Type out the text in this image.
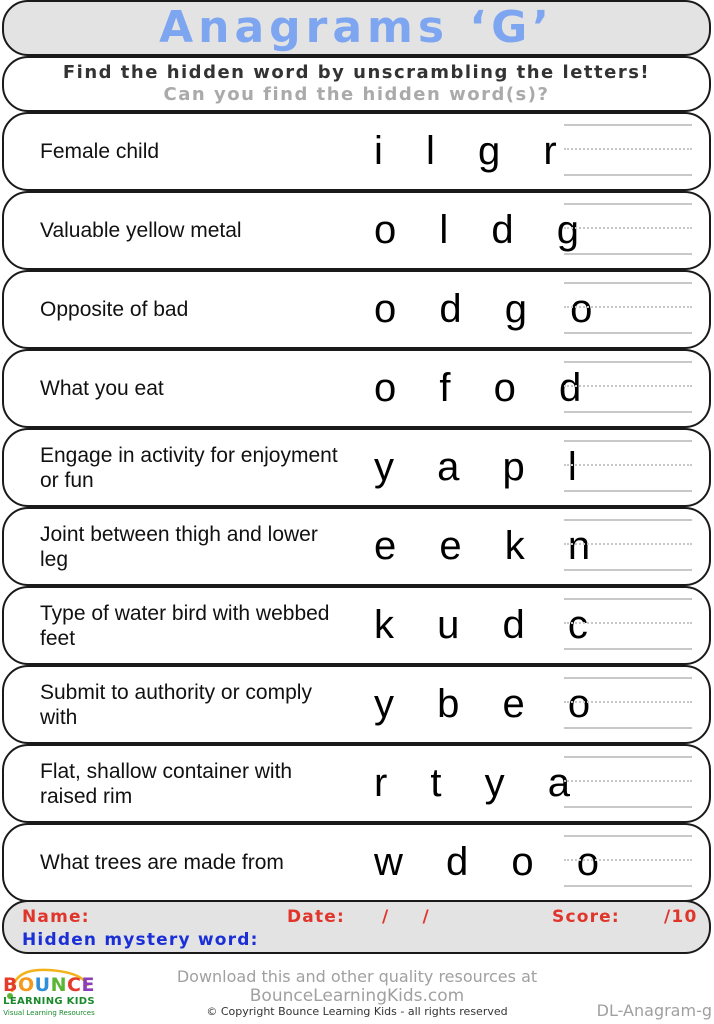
Anagrams ‘G’
Find the hidden word by unscrambling the letters!
Can you find the hidden word(s)?
Female child	i l g r
Valuable yellow metal	o l d g
Opposite of bad	o d g o
What you eat	o f o d
Engage in activity for enjoyment or fun	y a p l
Joint between thigh and lower leg	e e k n
Type of water bird with webbed feet	k u d c
Submit to authority or comply with	y b e o
Flat, shallow container with raised rim	r t y a
What trees are made from	w d o o
Name:	Date: / /	Score:	/10
Hidden mystery word:
BOUNCE
LEARNING KIDS
Visual Learning Resources
Download this and other quality resources at
BounceLearningKids.com
© Copyright Bounce Learning Kids - all rights reserved	DL-Anagram-g
